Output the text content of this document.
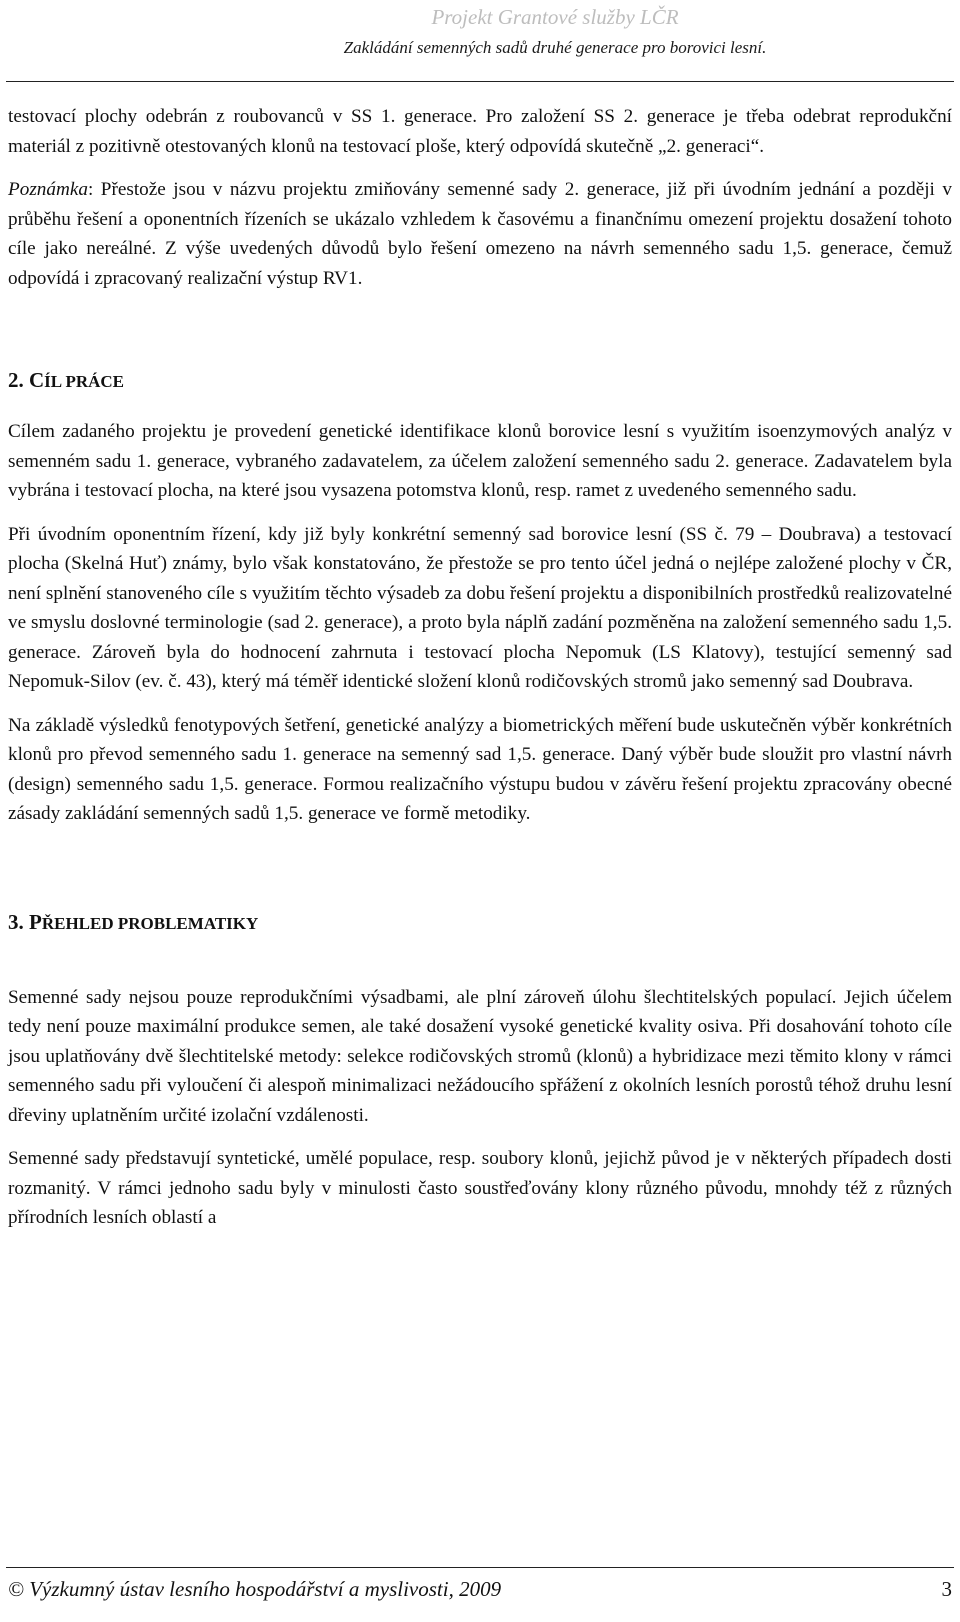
Projekt Grantové služby LČR
Zakládání semenných sadů druhé generace pro borovici lesní.

testovací plochy odebrán z roubovanců v SS 1. generace. Pro založení SS 2. generace je třeba odebrat reprodukční materiál z pozitivně otestovaných klonů na testovací ploše, který odpovídá skutečně „2. generaci“.

Poznámka: Přestože jsou v názvu projektu zmiňovány semenné sady 2. generace, již při úvodním jednání a později v průběhu řešení a oponentních řízeních se ukázalo vzhledem k časovému a finančnímu omezení projektu dosažení tohoto cíle jako nereálné. Z výše uvedených důvodů bylo řešení omezeno na návrh semenného sadu 1,5. generace, čemuž odpovídá i zpracovaný realizační výstup RV1.

2. CÍL PRÁCE

Cílem zadaného projektu je provedení genetické identifikace klonů borovice lesní s využitím isoenzymových analýz v semenném sadu 1. generace, vybraného zadavatelem, za účelem založení semenného sadu 2. generace. Zadavatelem byla vybrána i testovací plocha, na které jsou vysazena potomstva klonů, resp. ramet z uvedeného semenného sadu.

Při úvodním oponentním řízení, kdy již byly konkrétní semenný sad borovice lesní (SS č. 79 – Doubrava) a testovací plocha (Skelná Huť) známy, bylo však konstatováno, že přestože se pro tento účel jedná o nejlépe založené plochy v ČR, není splnění stanoveného cíle s využitím těchto výsadeb za dobu řešení projektu a disponibilních prostředků realizovatelné ve smyslu doslovné terminologie (sad 2. generace), a proto byla náplň zadání pozměněna na založení semenného sadu 1,5. generace. Zároveň byla do hodnocení zahrnuta i testovací plocha Nepomuk (LS Klatovy), testující semenný sad Nepomuk-Silov (ev. č. 43), který má téměř identické složení klonů rodičovských stromů jako semenný sad Doubrava.

Na základě výsledků fenotypových šetření, genetické analýzy a biometrických měření bude uskutečněn výběr konkrétních klonů pro převod semenného sadu 1. generace na semenný sad 1,5. generace. Daný výběr bude sloužit pro vlastní návrh (design) semenného sadu 1,5. generace. Formou realizačního výstupu budou v závěru řešení projektu zpracovány obecné zásady zakládání semenných sadů 1,5. generace ve formě metodiky.

3. PŘEHLED PROBLEMATIKY

Semenné sady nejsou pouze reprodukčními výsadbami, ale plní zároveň úlohu šlechtitelských populací. Jejich účelem tedy není pouze maximální produkce semen, ale také dosažení vysoké genetické kvality osiva. Při dosahování tohoto cíle jsou uplatňovány dvě šlechtitelské metody: selekce rodičovských stromů (klonů) a hybridizace mezi těmito klony v rámci semenného sadu při vyloučení či alespoň minimalizaci nežádoucího spřážení z okolních lesních porostů téhož druhu lesní dřeviny uplatněním určité izolační vzdálenosti.

Semenné sady představují syntetické, umělé populace, resp. soubory klonů, jejichž původ je v některých případech dosti rozmanitý. V rámci jednoho sadu byly v minulosti často soustřeďovány klony různého původu, mnohdy též z různých přírodních lesních oblastí a

© Výzkumný ústav lesního hospodářství a myslivosti, 2009	3
